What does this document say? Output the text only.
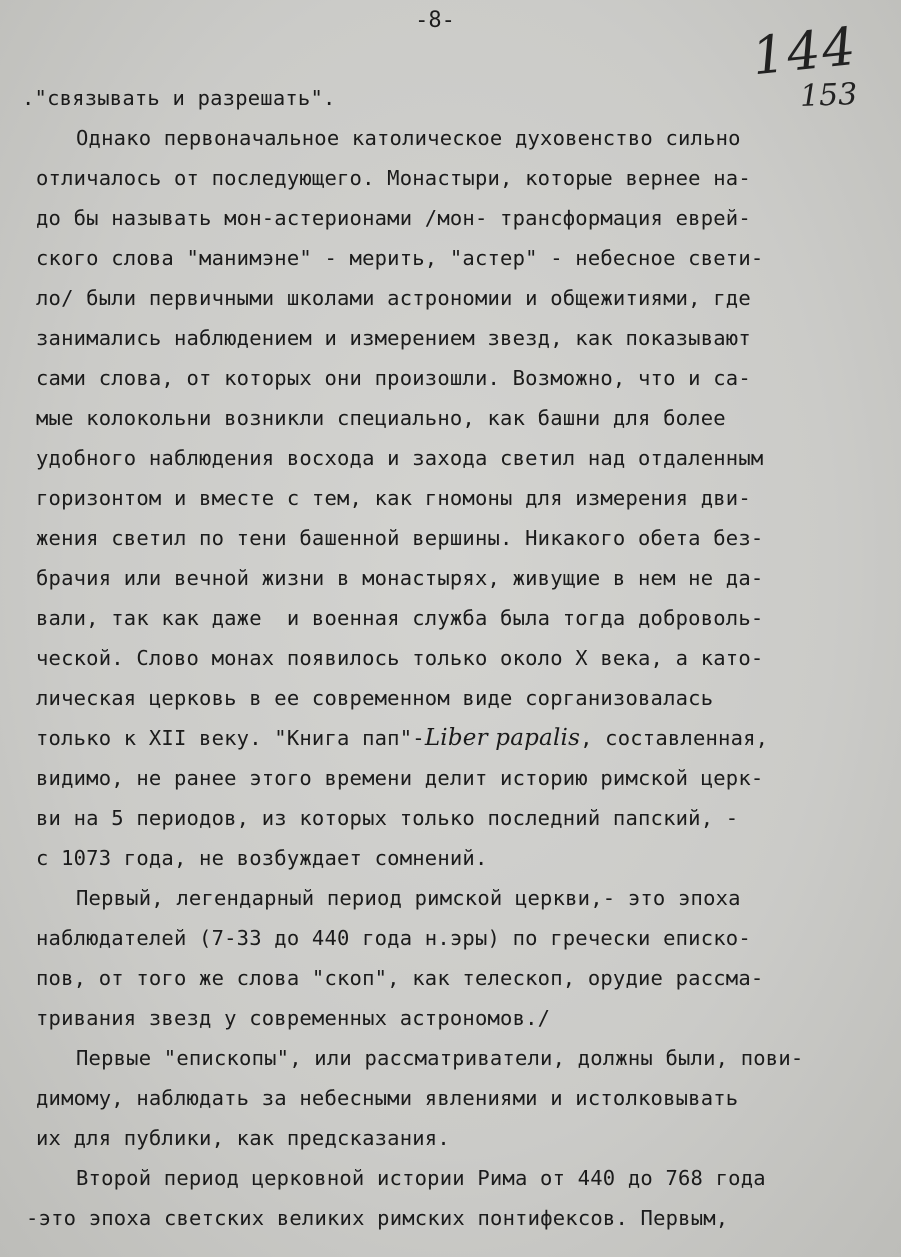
-8-	144
153
."связывать и разрешать".
Однако первоначальное католическое духовенство сильно
отличалось от последующего. Монастыри, которые вернее на-
до бы называть мон-астерионами /мон- трансформация еврей-
ского слова "манимэне" - мерить, "астер" - небесное свети-
ло/ были первичными школами астрономии и общежитиями, где
занимались наблюдением и измерением звезд, как показывают
сами слова, от которых они произошли. Возможно, что и са-
мые колокольни возникли специально, как башни для более
удобного наблюдения восхода и захода светил над отдаленным
горизонтом и вместе с тем, как гномоны для измерения дви-
жения светил по тени башенной вершины. Никакого обета без-
брачия или вечной жизни в монастырях, живущие в нем не да-
вали, так как даже  и военная служба была тогда доброволь-
ческой. Слово монах появилось только около X века, а като-
лическая церковь в ее современном виде сорганизовалась
только к XII веку. "Книга пап"-Liber papalis, составленная,
видимо, не ранее этого времени делит историю римской церк-
ви на 5 периодов, из которых только последний папский, -
с 1073 года, не возбуждает сомнений.
Первый, легендарный период римской церкви,- это эпоха
наблюдателей (7-33 до 440 года н.эры) по гречески еписко-
пов, от того же слова "скоп", как телескоп, орудие рассма-
тривания звезд у современных астрономов./
Первые "епископы", или рассматриватели, должны были, пови-
димому, наблюдать за небесными явлениями и истолковывать
их для публики, как предсказания.
Второй период церковной истории Рима от 440 до 768 года
-это эпоха светских великих римских понтифексов. Первым,
